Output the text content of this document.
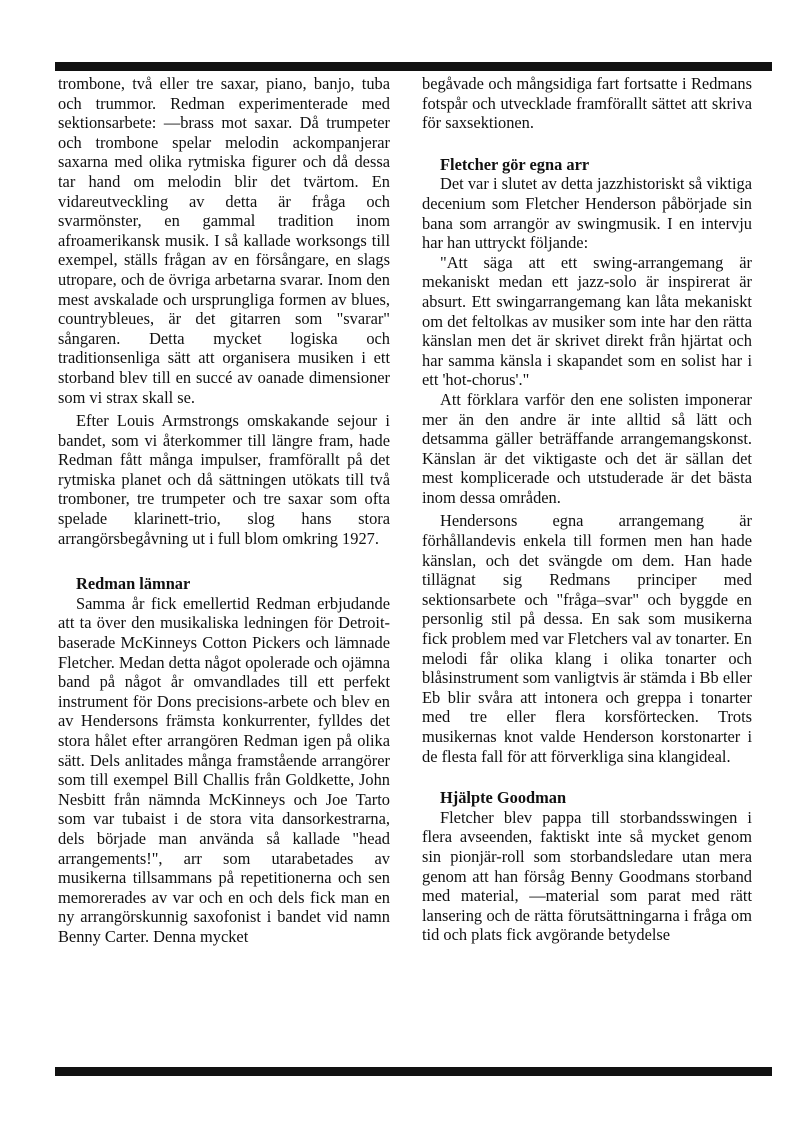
trombone, två eller tre saxar, piano, banjo, tuba och trummor. Redman experimenterade med sektionsarbete: —brass mot saxar. Då trumpeter och trombone spelar melodin ackompanjerar saxarna med olika rytmiska figurer och då dessa tar hand om melodin blir det tvärtom. En vidareutveckling av detta är fråga och svarmönster, en gammal tradition inom afroamerikansk musik. I så kallade worksongs till exempel, ställs frågan av en försångare, en slags utropare, och de övriga arbetarna svarar. Inom den mest avskalade och ursprungliga formen av blues, countrybleues, är det gitarren som "svarar" sångaren. Detta mycket logiska och traditionsenliga sätt att organisera musiken i ett storband blev till en succé av oanade dimensioner som vi strax skall se.

Efter Louis Armstrongs omskakande sejour i bandet, som vi återkommer till längre fram, hade Redman fått många impulser, framförallt på det rytmiska planet och då sättningen utökats till två tromboner, tre trumpeter och tre saxar som ofta spelade klarinett-trio, slog hans stora arrangörsbegåvning ut i full blom omkring 1927.

Redman lämnar

Samma år fick emellertid Redman erbjudande att ta över den musikaliska ledningen för Detroit-baserade McKinneys Cotton Pickers och lämnade Fletcher. Medan detta något opolerade och ojämna band på något år omvandlades till ett perfekt instrument för Dons precisions-arbete och blev en av Hendersons främsta konkurrenter, fylldes det stora hålet efter arrangören Redman igen på olika sätt. Dels anlitades många framstående arrangörer som till exempel Bill Challis från Goldkette, John Nesbitt från nämnda McKinneys och Joe Tarto som var tubaist i de stora vita dansorkestrarna, dels började man använda så kallade "head arrangements!", arr som utarabetades av musikerna tillsammans på repetitionerna och sen memorerades av var och en och dels fick man en ny arrangörskunnig saxofonist i bandet vid namn Benny Carter. Denna mycket

begåvade och mångsidiga fart fortsatte i Redmans fotspår och utvecklade framförallt sättet att skriva för saxsektionen.

Fletcher gör egna arr

Det var i slutet av detta jazzhistoriskt så viktiga decenium som Fletcher Henderson påbörjade sin bana som arrangör av swingmusik. I en intervju har han uttryckt följande:

"Att säga att ett swing-arrangemang är mekaniskt medan ett jazz-solo är inspirerat är absurt. Ett swingarrangemang kan låta mekaniskt om det feltolkas av musiker som inte har den rätta känslan men det är skrivet direkt från hjärtat och har samma känsla i skapandet som en solist har i ett 'hot-chorus'."

Att förklara varför den ene solisten imponerar mer än den andre är inte alltid så lätt och detsamma gäller beträffande arrangemangskonst. Känslan är det viktigaste och det är sällan det mest komplicerade och utstuderade är det bästa inom dessa områden.

Hendersons egna arrangemang är förhållandevis enkela till formen men han hade känslan, och det svängde om dem. Han hade tillägnat sig Redmans principer med sektionsarbete och "fråga–svar" och byggde en personlig stil på dessa. En sak som musikerna fick problem med var Fletchers val av tonarter. En melodi får olika klang i olika tonarter och blåsinstrument som vanligtvis är stämda i Bb eller Eb blir svåra att intonera och greppa i tonarter med tre eller flera korsförtecken. Trots musikernas knot valde Henderson korstonarter i de flesta fall för att förverkliga sina klangideal.

Hjälpte Goodman

Fletcher blev pappa till storbandsswingen i flera avseenden, faktiskt inte så mycket genom sin pionjär-roll som storbandsledare utan mera genom att han försåg Benny Goodmans storband med material, —material som parat med rätt lansering och de rätta förutsättningarna i fråga om tid och plats fick avgörande betydelse
